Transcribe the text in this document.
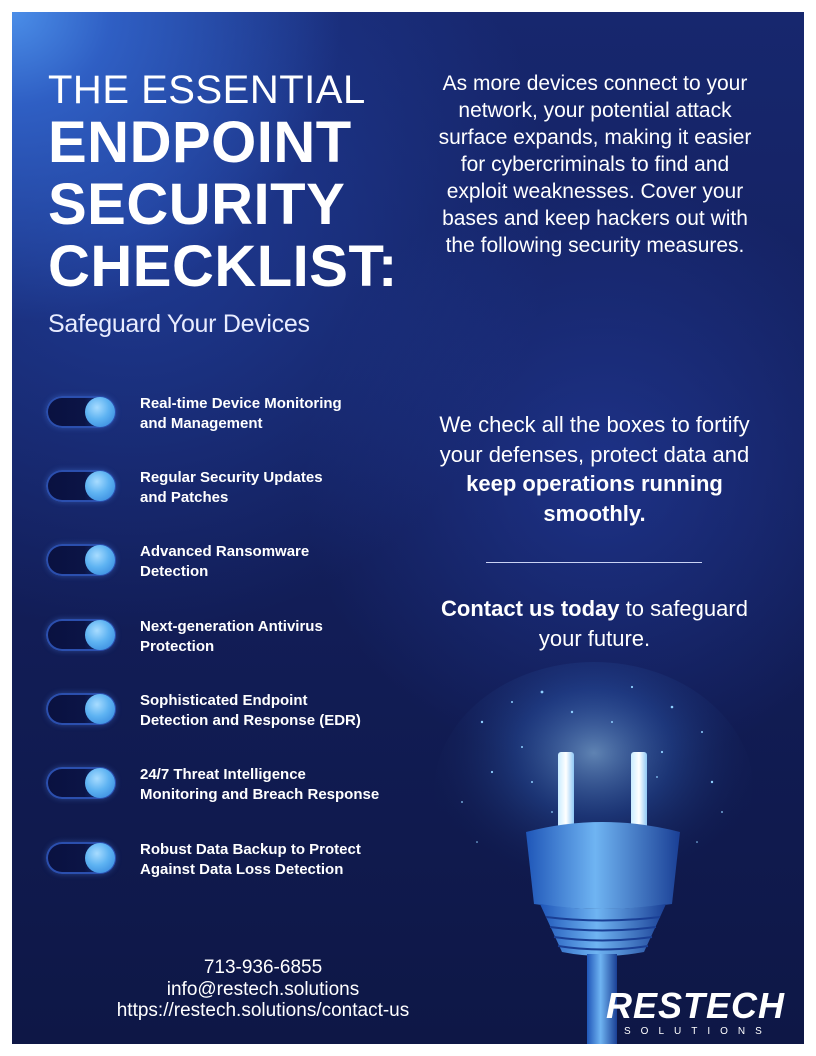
THE ESSENTIAL
ENDPOINT
SECURITY
CHECKLIST:
Safeguard Your Devices
As more devices connect to your network, your potential attack surface expands, making it easier for cybercriminals to find and exploit weaknesses. Cover your bases and keep hackers out with the following security measures.
Real-time Device Monitoring
and Management
Regular Security Updates
and Patches
Advanced Ransomware
Detection
Next-generation Antivirus
Protection
Sophisticated Endpoint
Detection and Response (EDR)
24/7 Threat Intelligence
Monitoring and Breach Response
Robust Data Backup to Protect
Against Data Loss Detection
We check all the boxes to fortify your defenses, protect data and keep operations running smoothly.
Contact us today to safeguard your future.
713-936-6855
info@restech.solutions
https://restech.solutions/contact-us	RESTECH
SOLUTIONS
